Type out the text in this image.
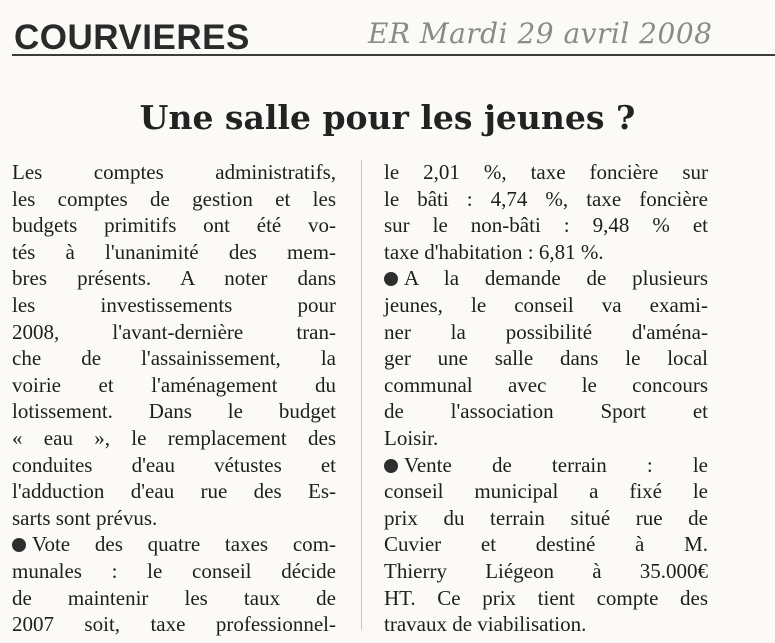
COURVIERES	ER Mardi 29 avril 2008
Une salle pour les jeunes ?
Les comptes administratifs,
les comptes de gestion et les
budgets primitifs ont été vo-
tés à l'unanimité des mem-
bres présents. A noter dans
les investissements pour
2008, l'avant-dernière tran-
che de l'assainissement, la
voirie et l'aménagement du
lotissement. Dans le budget
« eau », le remplacement des
conduites d'eau vétustes et
l'adduction d'eau rue des Es-
sarts sont prévus.
Vote des quatre taxes com-
munales : le conseil décide
de maintenir les taux de
2007 soit, taxe professionnel-
le 2,01 %, taxe foncière sur
le bâti : 4,74 %, taxe foncière
sur le non-bâti : 9,48 % et
taxe d'habitation : 6,81 %.
A la demande de plusieurs
jeunes, le conseil va exami-
ner la possibilité d'aména-
ger une salle dans le local
communal avec le concours
de l'association Sport et
Loisir.
Vente de terrain : le
conseil municipal a fixé le
prix du terrain situé rue de
Cuvier et destiné à M.
Thierry Liégeon à 35.000€
HT. Ce prix tient compte des
travaux de viabilisation.
